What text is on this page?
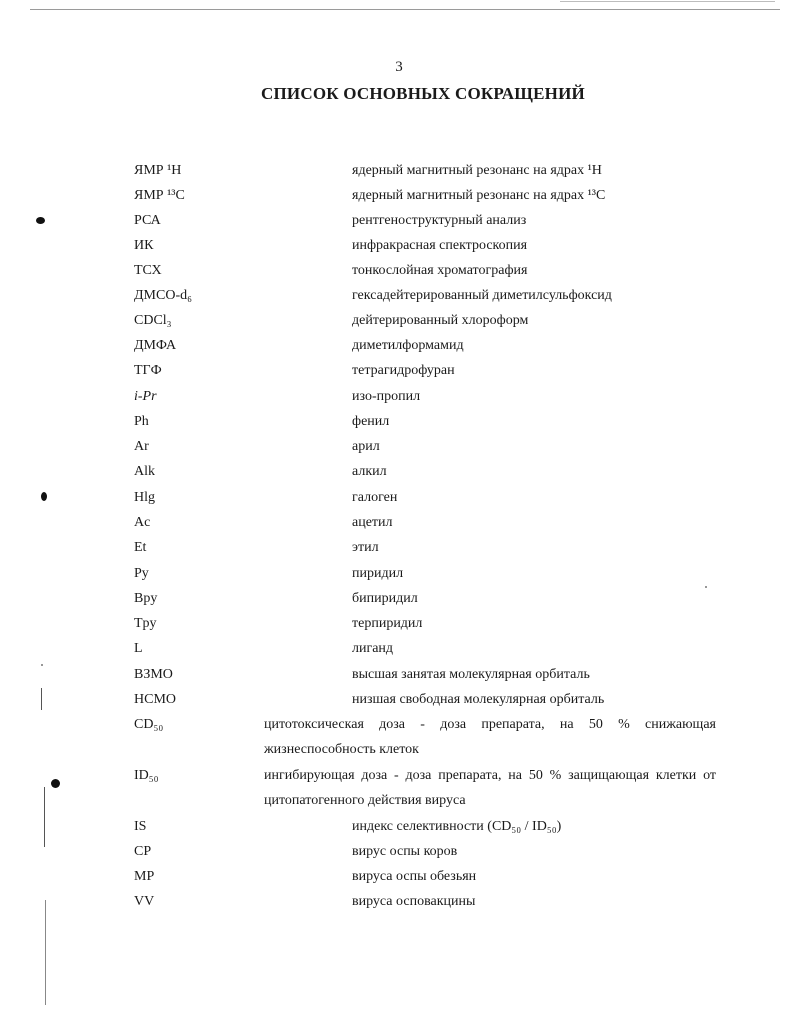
3
СПИСОК ОСНОВНЫХ СОКРАЩЕНИЙ
ЯМР ¹H	ядерный магнитный резонанс на ядрах ¹H
ЯМР ¹³C	ядерный магнитный резонанс на ядрах ¹³C
РСА	рентгеноструктурный анализ
ИК	инфракрасная спектроскопия
ТСХ	тонкослойная хроматография
ДМСО-d₆	гексадейтерированный диметилсульфоксид
CDCl₃	дейтерированный хлороформ
ДМФА	диметилформамид
ТГФ	тетрагидрофуран
i-Pr	изо-пропил
Ph	фенил
Ar	арил
Alk	алкил
Hlg	галоген
Ac	ацетил
Et	этил
Py	пиридил
Bpy	бипиридил
Tpy	терпиридил
L	лиганд
ВЗМО	высшая занятая молекулярная орбиталь
НСМО	низшая свободная молекулярная орбиталь
CD₅₀	цитотоксическая доза - доза препарата, на 50 % снижающая
жизнеспособность клеток
ID₅₀	ингибирующая доза - доза препарата, на 50 % защищающая клетки от
цитопатогенного действия вируса
IS	индекс селективности (CD₅₀ / ID₅₀)
CP	вирус оспы коров
MP	вируса оспы обезьян
VV	вируса осповакцины
